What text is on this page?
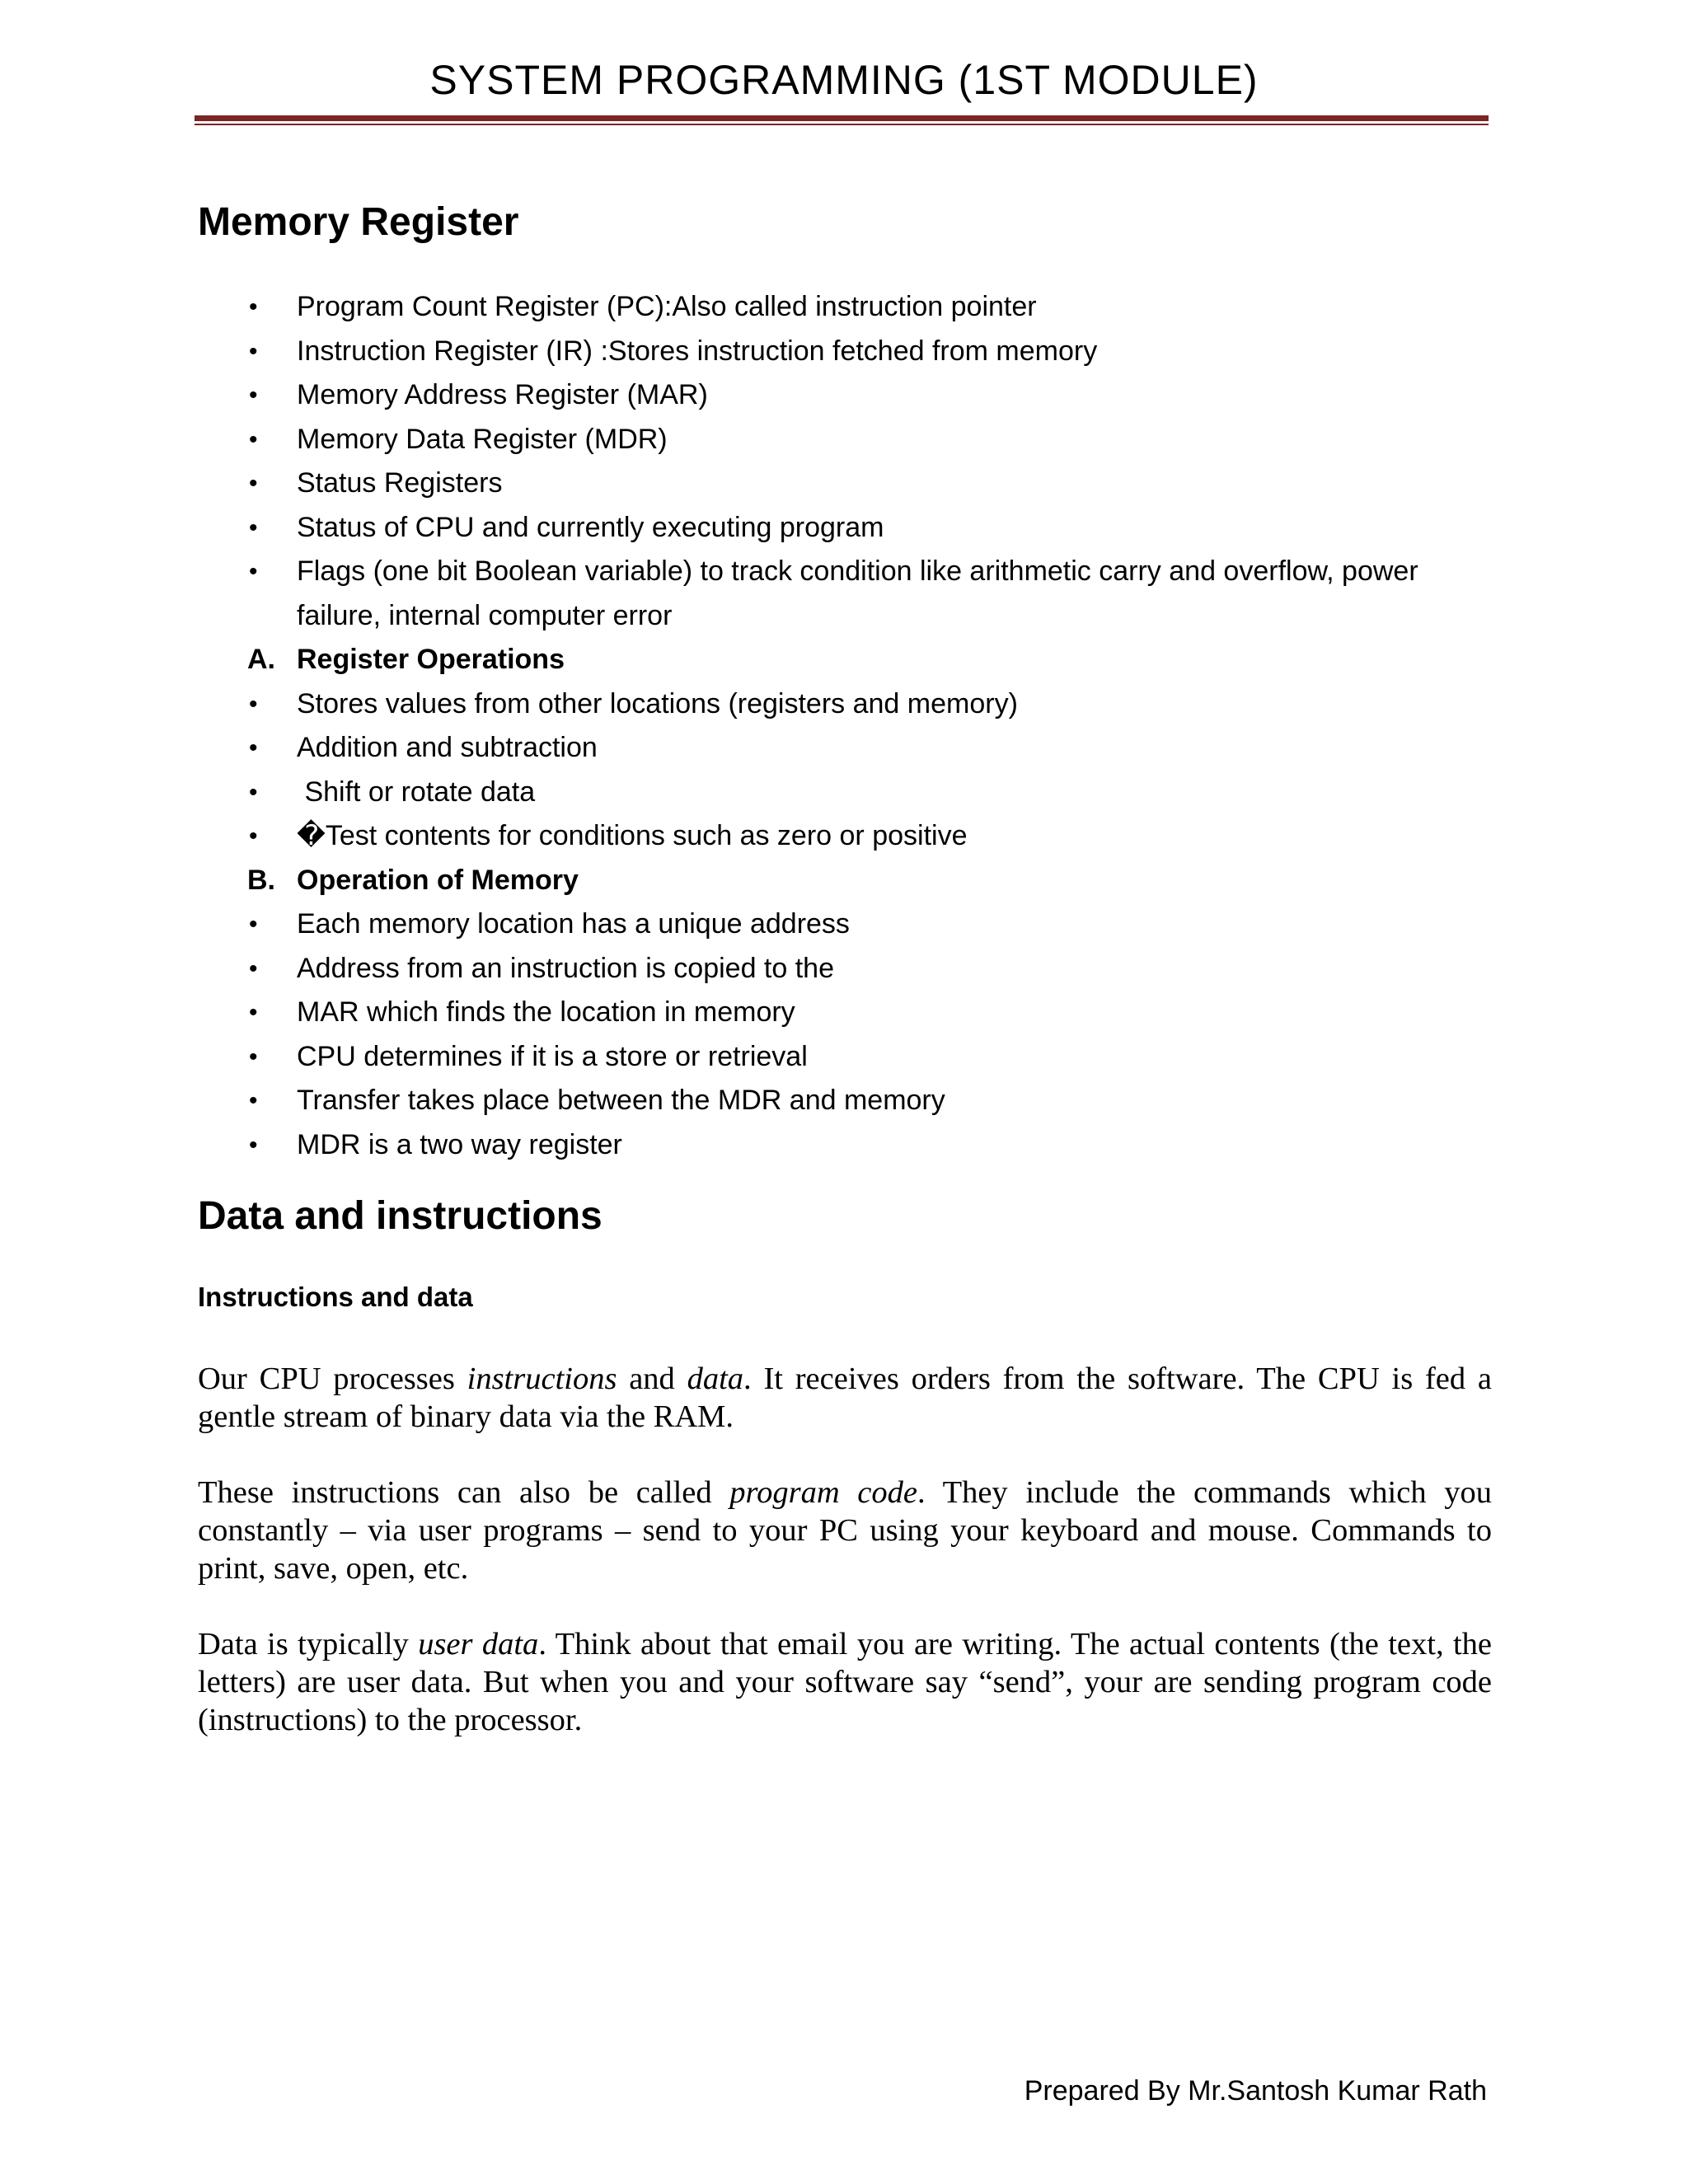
SYSTEM PROGRAMMING (1ST MODULE)
Memory Register
•	Program Count Register (PC):Also called instruction pointer
•	Instruction Register (IR) :Stores instruction fetched from memory
•	Memory Address Register (MAR)
•	Memory Data Register (MDR)
•	Status Registers
•	Status of CPU and currently executing program
•	Flags (one bit Boolean variable) to track condition like arithmetic carry and overflow, power
failure, internal computer error
A. Register Operations
•	Stores values from other locations (registers and memory)
•	Addition and subtraction
•	Shift or rotate data
•	�Test contents for conditions such as zero or positive
B. Operation of Memory
•	Each memory location has a unique address
•	Address from an instruction is copied to the
•	MAR which finds the location in memory
•	CPU determines if it is a store or retrieval
•	Transfer takes place between the MDR and memory
•	MDR is a two way register
Data and instructions
Instructions and data

Our CPU processes instructions and data. It receives orders from the software. The CPU is fed a gentle stream of binary data via the RAM.

These instructions can also be called program code. They include the commands which you constantly – via user programs – send to your PC using your keyboard and mouse. Commands to print, save, open, etc.

Data is typically user data. Think about that email you are writing. The actual contents (the text, the letters) are user data. But when you and your software say “send”, your are sending program code (instructions) to the processor.

Prepared By Mr.Santosh Kumar Rath
